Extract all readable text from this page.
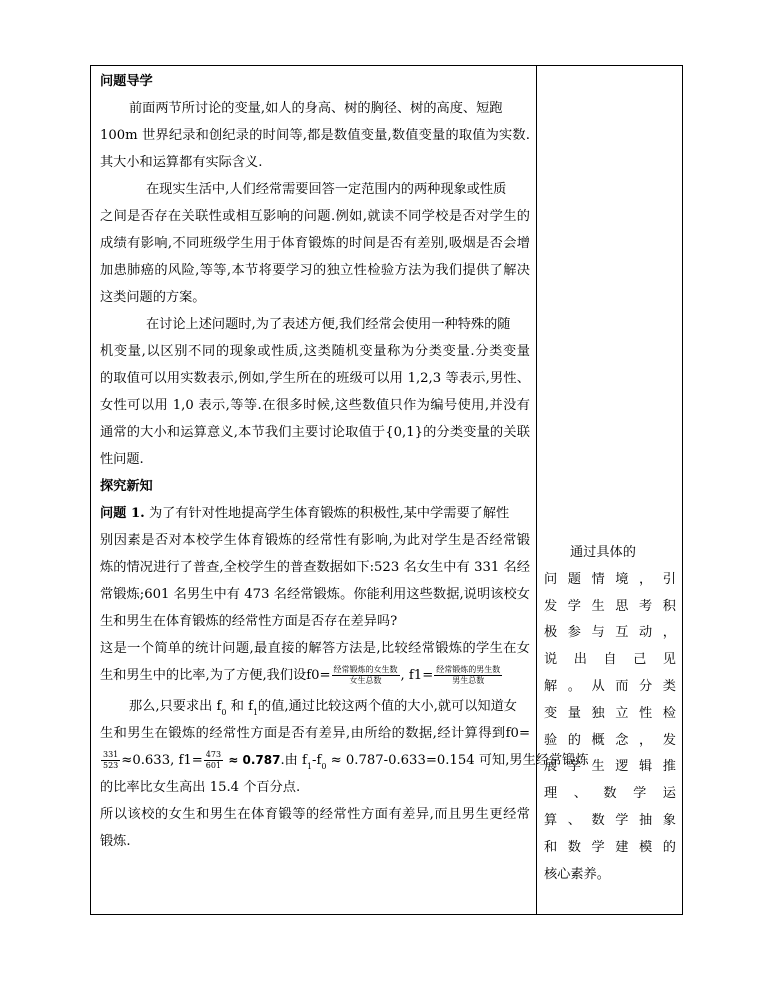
问题导学
前面两节所讨论的变量,如人的身高、树的胸径、树的高度、短跑
100m 世界纪录和创纪录的时间等,都是数值变量,数值变量的取值为实数.
其大小和运算都有实际含义.
在现实生活中,人们经常需要回答一定范围内的两种现象或性质
之间是否存在关联性或相互影响的问题.例如,就读不同学校是否对学生的
成绩有影响,不同班级学生用于体育锻炼的时间是否有差别,吸烟是否会增
加患肺癌的风险,等等,本节将要学习的独立性检验方法为我们提供了解决
这类问题的方案。
在讨论上述问题时,为了表述方便,我们经常会使用一种特殊的随
机变量,以区别不同的现象或性质,这类随机变量称为分类变量.分类变量
的取值可以用实数表示,例如,学生所在的班级可以用 1,2,3 等表示,男性、
女性可以用 1,0 表示,等等.在很多时候,这些数值只作为编号使用,并没有
通常的大小和运算意义,本节我们主要讨论取值于{0,1}的分类变量的关联
性问题.
探究新知
问题 1. 为了有针对性地提高学生体育锻炼的积极性,某中学需要了解性
别因素是否对本校学生体育锻炼的经常性有影响,为此对学生是否经常锻
炼的情况进行了普查,全校学生的普查数据如下:523 名女生中有 331 名经
常锻炼;601 名男生中有 473 名经常锻炼。你能利用这些数据,说明该校女
生和男生在体育锻炼的经常性方面是否存在差异吗?
这是一个简单的统计问题,最直接的解答方法是,比较经常锻炼的学生在女
生和男生中的比率,为了方便,我们设$f0= \frac{\text{经常锻炼的女生数}}{\text{女生总数}}$ , $f1= \frac{\text{经常锻炼的男生数}}{\text{男生总数}}$
那么,只要求出 $f_0$ 和 $f_1$的值,通过比较这两个值的大小,就可以知道女
生和男生在锻炼的经常性方面是否有差异,由所给的数据,经计算得到f0=
$\frac{331}{523} \approx 0.633$, $f1= \frac{473}{601} \approx 0.787$.由 $f_1-f_0 \approx 0.787-0.633=0.154$ 可知,男生经常锻炼
的比率比女生高出 15.4 个百分点.
所以该校的女生和男生在体育锻等的经常性方面有差异,而且男生更经常
锻炼.
通过具体的
问题情境，引
发学生思考积
极参与互动，
说出自己见
解。从而分类
变量独立性检
验的概念，发
展学生逻辑推
理、数学运
算、数学抽象
和数学建模的
核心素养。
